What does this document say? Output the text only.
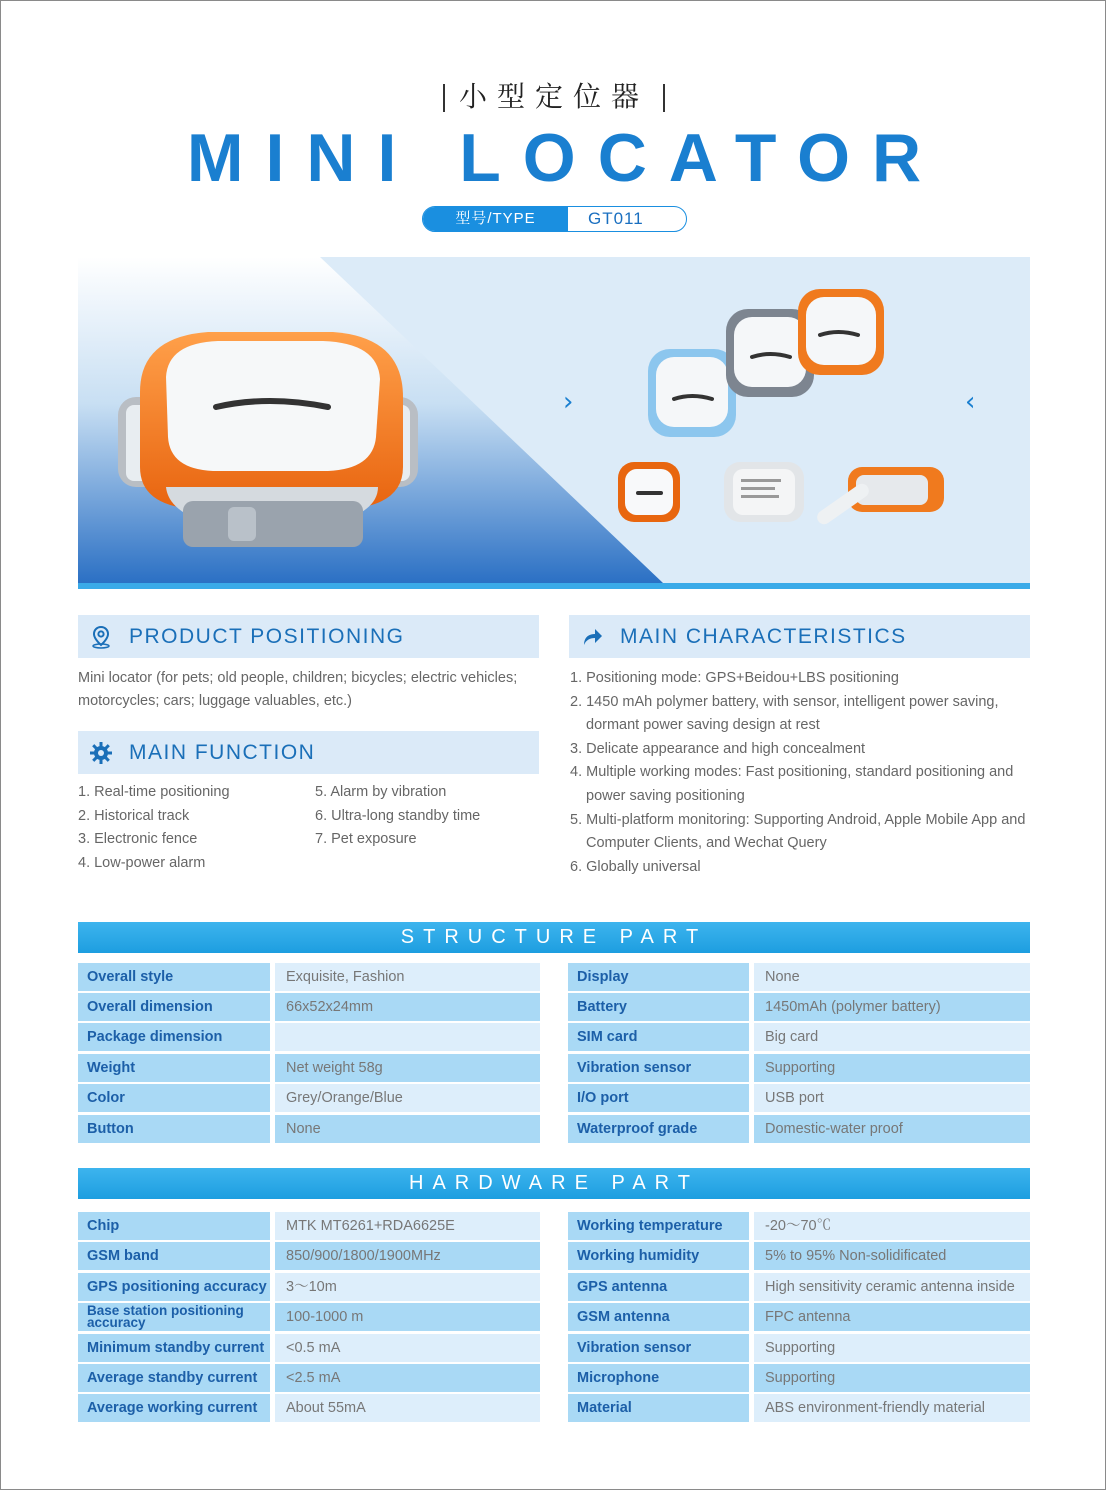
小型定位器
MINI LOCATOR
型号/TYPE	GT011
›	‹
PRODUCT POSITIONING
Mini locator (for pets; old people, children; bicycles; electric vehicles; motorcycles; cars; luggage valuables, etc.)
MAIN FUNCTION
1. Real-time positioning
2. Historical track
3. Electronic fence
4. Low-power alarm
5. Alarm by vibration
6. Ultra-long standby time
7. Pet exposure
MAIN CHARACTERISTICS
1. Positioning mode: GPS+Beidou+LBS positioning
2. 1450 mAh polymer battery, with sensor, intelligent power saving, dormant power saving design at rest
3. Delicate appearance and high concealment
4. Multiple working modes: Fast positioning, standard positioning and power saving positioning
5. Multi-platform monitoring: Supporting Android, Apple Mobile App and Computer Clients, and Wechat Query
6. Globally universal
STRUCTURE PART
Overall style	Exquisite, Fashion
Overall dimension	66x52x24mm
Package dimension
Weight	Net weight 58g
Color	Grey/Orange/Blue
Button	None
Display	None
Battery	1450mAh (polymer battery)
SIM card	Big card
Vibration sensor	Supporting
I/O port	USB port
Waterproof grade	Domestic-water proof
HARDWARE PART
Chip	MTK MT6261+RDA6625E
GSM band	850/900/1800/1900MHz
GPS positioning accuracy	3～10m
Base station positioning accuracy	100-1000 m
Minimum standby current	<0.5 mA
Average standby current	<2.5 mA
Average working current	About 55mA
Working temperature	-20～70℃
Working humidity	5% to 95% Non-solidificated
GPS antenna	High sensitivity ceramic antenna inside
GSM antenna	FPC antenna
Vibration sensor	Supporting
Microphone	Supporting
Material	ABS environment-friendly material
